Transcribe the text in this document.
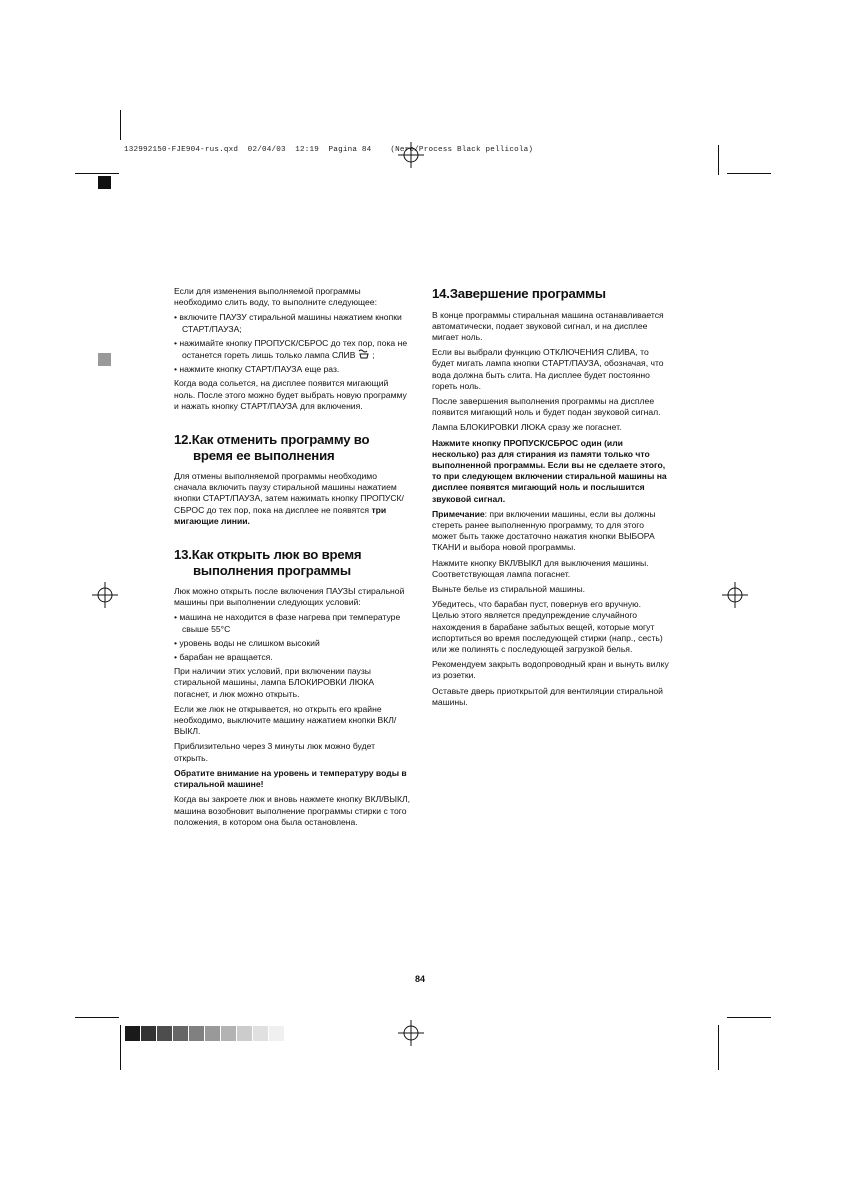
132992150-FJE904-rus.qxd  02/04/03  12:19  Pagina 84    (Nero/Process Black pellicola)

Если для изменения выполняемой программы необходимо слить воду, то выполните следующее:

• включите ПАУЗУ стиральной машины нажатием кнопки СТАРТ/ПАУЗА;

• нажимайте кнопку ПРОПУСК/СБРОС до тех пор, пока не останется гореть лишь только лампа СЛИВ  ;

• нажмите кнопку СТАРТ/ПАУЗА еще раз.

Когда вода сольется, на дисплее появится мигающий ноль. После этого можно будет выбрать новую программу и нажать кнопку СТАРТ/ПАУЗА для включения.

12.Как отменить программу во
время ее выполнения

Для отмены выполняемой программы необходимо сначала включить паузу стиральной машины нажатием кнопки СТАРТ/ПАУЗА, затем нажимать кнопку ПРОПУСК/СБРОС до тех пор, пока на дисплее не появятся три мигающие линии.

13.Как открыть люк во время
выполнения программы

Люк можно открыть после включения ПАУЗЫ стиральной машины при выполнении следующих условий:

• машина не находится в фазе нагрева при температуре свыше 55°C

• уровень воды не слишком высокий

• барабан не вращается.

При наличии этих условий, при включении паузы стиральной машины, лампа БЛОКИРОВКИ ЛЮКА погаснет, и люк можно открыть.

Если же люк не открывается, но открыть его крайне необходимо, выключите машину нажатием кнопки ВКЛ/ВЫКЛ.

Приблизительно через 3 минуты люк можно будет открыть.

Обратите внимание на уровень и температуру воды в стиральной машине!

Когда вы закроете люк и вновь нажмете кнопку ВКЛ/ВЫКЛ, машина возобновит выполнение программы стирки с того положения, в котором она была остановлена.

14.Завершение программы

В конце программы стиральная машина останавливается автоматически, подает звуковой сигнал, и на дисплее мигает ноль.

Если вы выбрали функцию ОТКЛЮЧЕНИЯ СЛИВА, то будет мигать лампа кнопки СТАРТ/ПАУЗА, обозначая, что вода должна быть слита. На дисплее будет постоянно гореть ноль.

После завершения выполнения программы на дисплее появится мигающий ноль и будет подан звуковой сигнал.

Лампа БЛОКИРОВКИ ЛЮКА сразу же погаснет.

Нажмите кнопку ПРОПУСК/СБРОС один (или несколько) раз для стирания из памяти только что выполненной программы. Если вы не сделаете этого, то при следующем включении стиральной машины на дисплее появятся мигающий ноль и послышится звуковой сигнал.

Примечание: при включении машины, если вы должны стереть ранее выполненную программу, то для этого может быть также достаточно нажатия кнопки ВЫБОРА ТКАНИ и выбора новой программы.

Нажмите кнопку ВКЛ/ВЫКЛ для выключения машины. Соответствующая лампа погаснет.

Выньте белье из стиральной машины.

Убедитесь, что барабан пуст, повернув его вручную. Целью этого является предупреждение случайного нахождения в барабане забытых вещей, которые могут испортиться во время последующей стирки (напр., сесть) или же полинять с последующей загрузкой белья.

Рекомендуем закрыть водопроводный кран и вынуть вилку из розетки.

Оставьте дверь приоткрытой для вентиляции стиральной машины.

84
